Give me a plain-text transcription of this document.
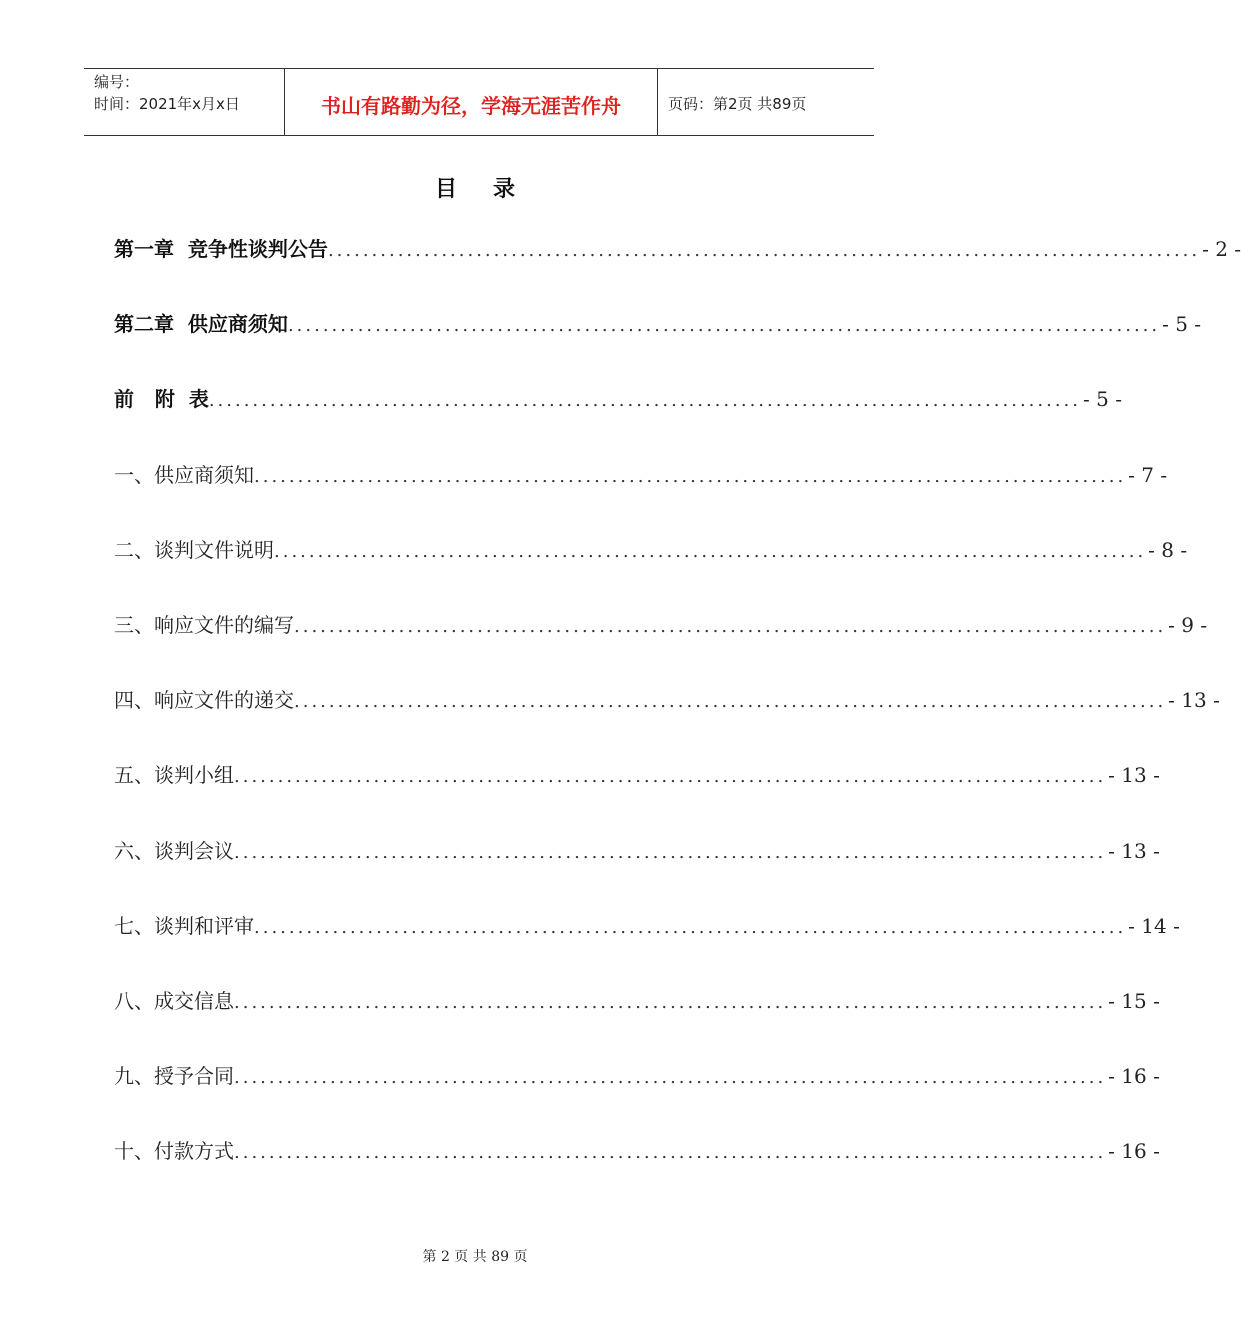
编号：
时间：2021年x月x日	书山有路勤为径，学海无涯苦作舟	页码：第2页 共89页
目 录
第一章  竞争性谈判公告 .................................................................................................... - 2 -
第二章  供应商须知 .................................................................................................... - 5 -
前   附  表 .................................................................................................... - 5 -
一、供应商须知 .................................................................................................... - 7 -
二、谈判文件说明 .................................................................................................... - 8 -
三、响应文件的编写 .................................................................................................... - 9 -
四、响应文件的递交 .................................................................................................... - 13 -
五、谈判小组 .................................................................................................... - 13 -
六、谈判会议 .................................................................................................... - 13 -
七、谈判和评审 .................................................................................................... - 14 -
八、成交信息 .................................................................................................... - 15 -
九、授予合同 .................................................................................................... - 16 -
十、付款方式 .................................................................................................... - 16 -
第 2 页 共 89 页
